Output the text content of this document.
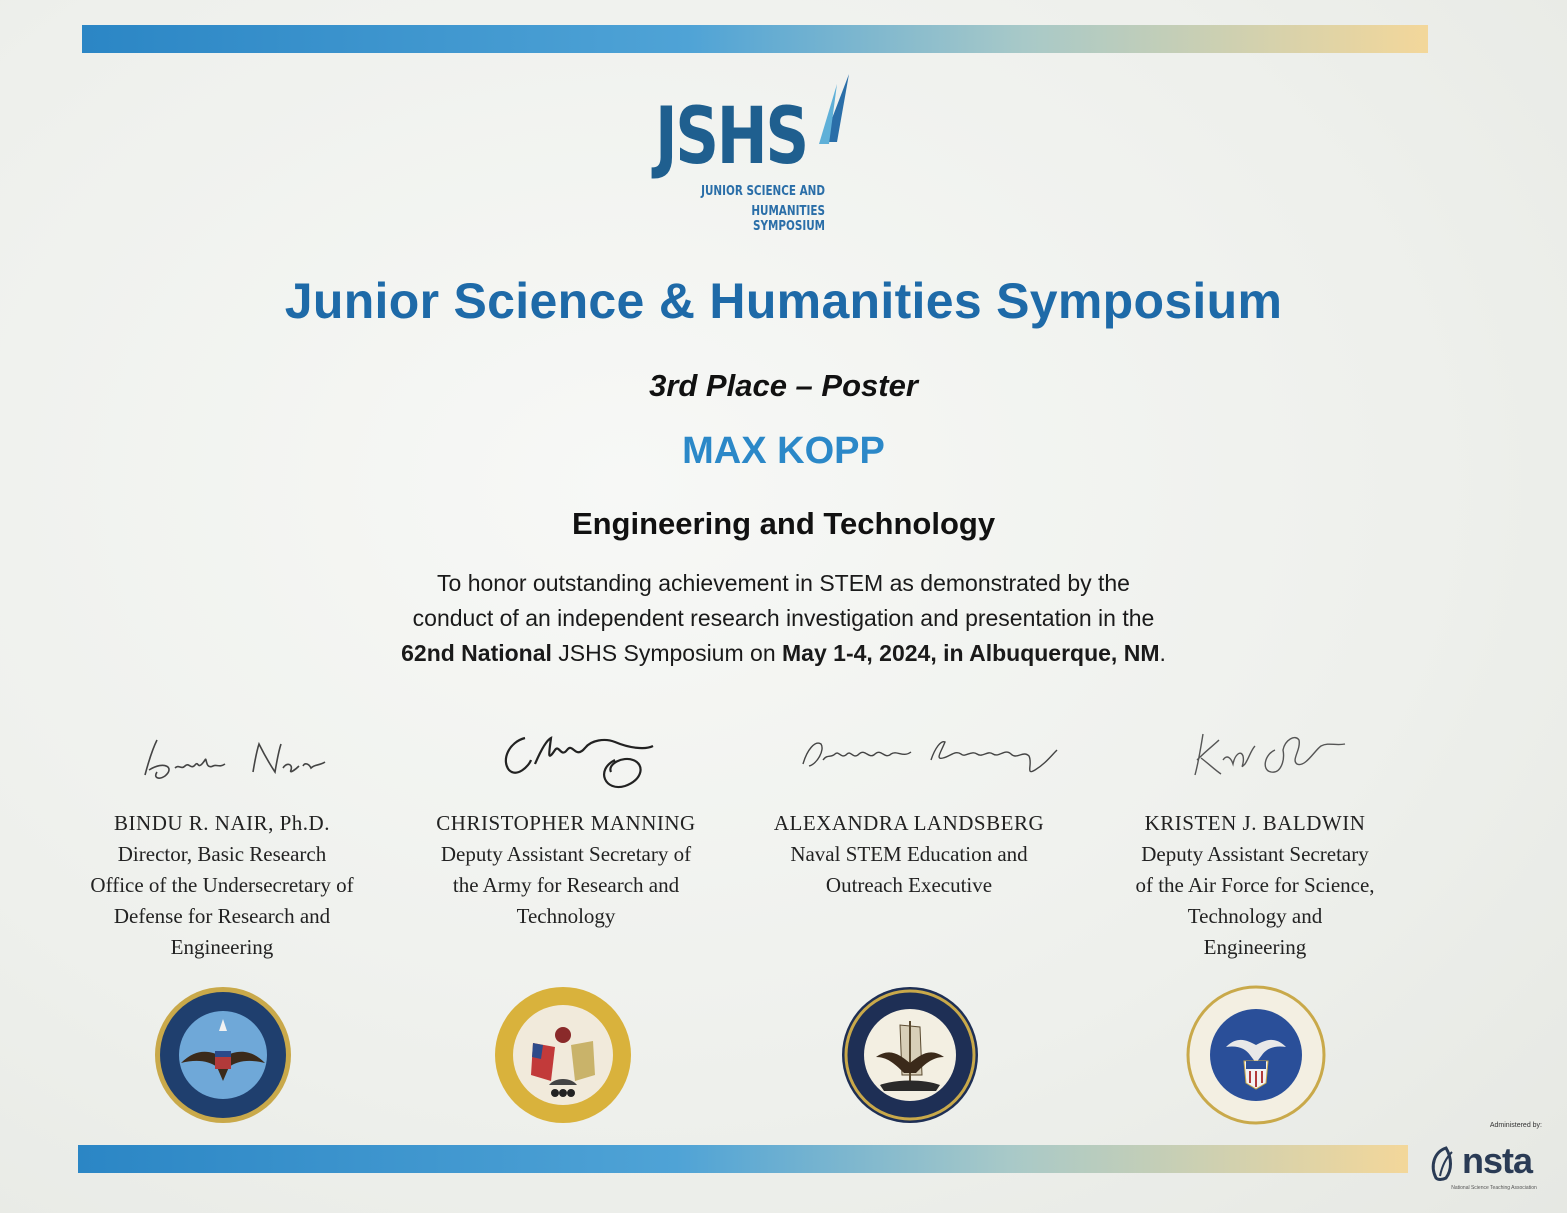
JSHS
JUNIOR SCIENCE AND
HUMANITIES SYMPOSIUM
Junior Science & Humanities Symposium
3rd Place – Poster
MAX KOPP
Engineering and Technology
To honor outstanding achievement in STEM as demonstrated by the
conduct of an independent research investigation and presentation in the
62nd National JSHS Symposium on May 1-4, 2024, in Albuquerque, NM.
BINDU R. NAIR, Ph.D.
Director, Basic Research
Office of the Undersecretary of
Defense for Research and
Engineering
CHRISTOPHER MANNING
Deputy Assistant Secretary of
the Army for Research and
Technology
ALEXANDRA LANDSBERG
Naval STEM Education and
Outreach Executive
KRISTEN J. BALDWIN
Deputy Assistant Secretary
of the Air Force for Science,
Technology and
Engineering
Administered by:
nsta
National Science Teaching Association
